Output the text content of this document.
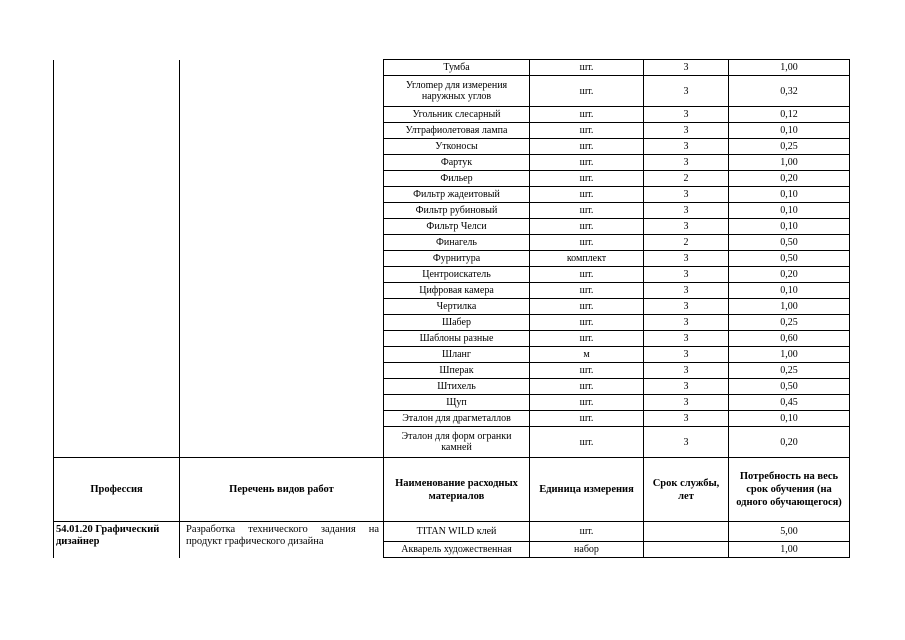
		Тумба	шт.	3	1,00
		Углomер для измерения наружных углов	шт.	3	0,32
		Угольник слесарный	шт.	3	0,12
		Ултрафиолетовая лампа	шт.	3	0,10
		Утконосы	шт.	3	0,25
		Фартук	шт.	3	1,00
		Фильер	шт.	2	0,20
		Фильтр жадеитовый	шт.	3	0,10
		Фильтр рубиновый	шт.	3	0,10
		Фильтр Челси	шт.	3	0,10
		Финагель	шт.	2	0,50
		Фурнитура	комплект	3	0,50
		Центроискатель	шт.	3	0,20
		Цифровая камера	шт.	3	0,10
		Чертилка	шт.	3	1,00
		Шабер	шт.	3	0,25
		Шаблоны разные	шт.	3	0,60
		Шланг	м	3	1,00
		Шперак	шт.	3	0,25
		Штихель	шт.	3	0,50
		Щуп	шт.	3	0,45
		Эталон для драгметаллов	шт.	3	0,10
		Эталон для форм огранки камней	шт.	3	0,20
Профессия	Перечень видов работ	Наименование расходных материалов	Единица измерения	Срок службы, лет	Потребность на весь срок обучения (на одного обучающегося)
54.01.20 Графический дизайнер	Разработка технического задания на продукт графического дизайна	TITAN WILD клей	шт.		5,00
		Акварель художественная	набор		1,00
